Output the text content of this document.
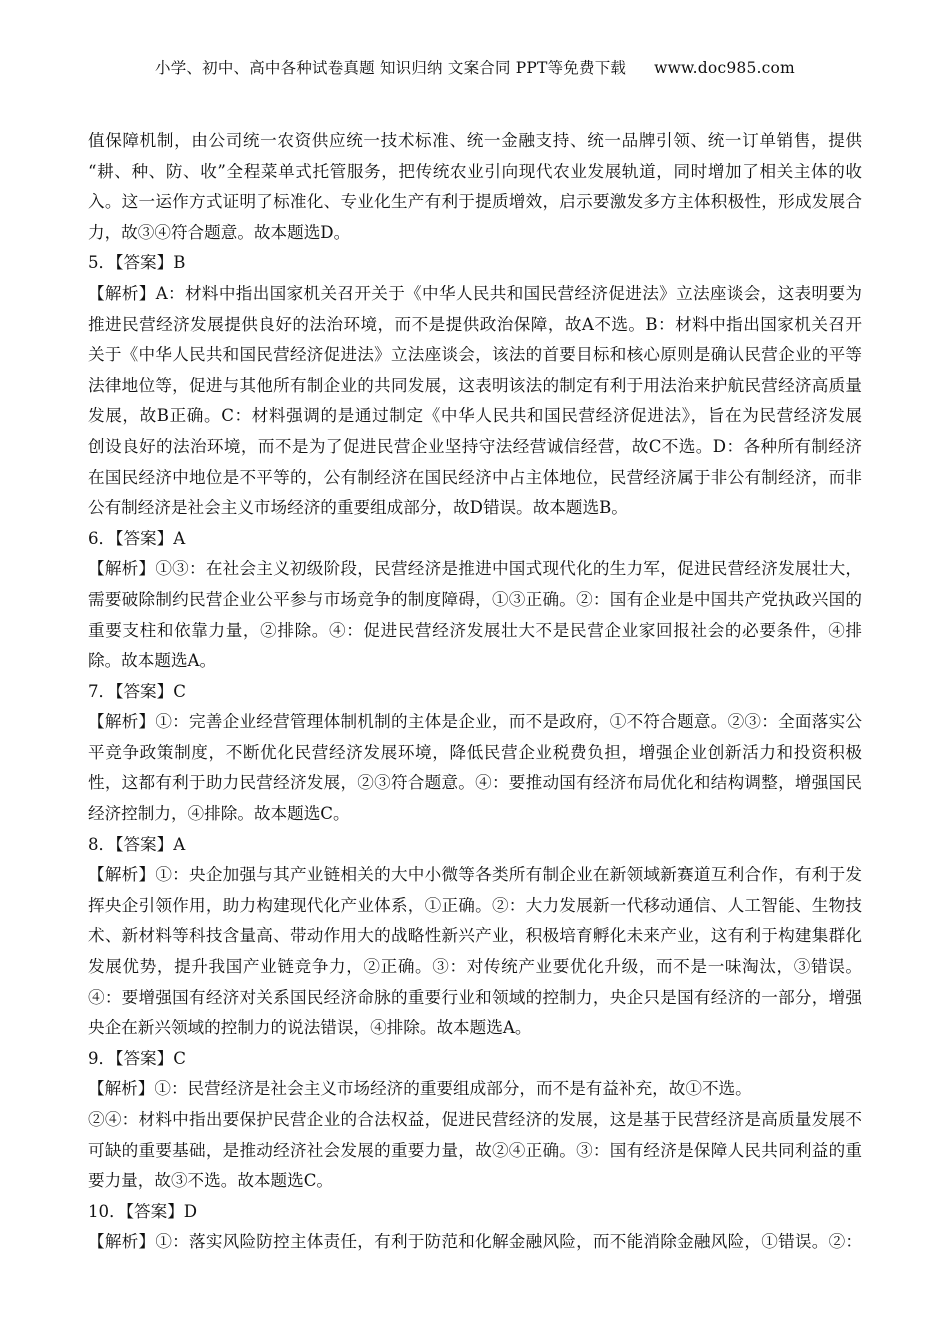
小学、初中、高中各种试卷真题 知识归纳 文案合同 PPT等免费下载 www.doc985.com
值保障机制，由公司统一农资供应统一技术标准、统一金融支持、统一品牌引领、统一订单销售，提供
“耕、种、防、收”全程菜单式托管服务，把传统农业引向现代农业发展轨道，同时增加了相关主体的收
入。这一运作方式证明了标准化、专业化生产有利于提质增效，启示要激发多方主体积极性，形成发展合
力，故③④符合题意。故本题选D。
5．【答案】B
【解析】A：材料中指出国家机关召开关于《中华人民共和国民营经济促进法》立法座谈会，这表明要为
推进民营经济发展提供良好的法治环境，而不是提供政治保障，故A不选。B：材料中指出国家机关召开
关于《中华人民共和国民营经济促进法》立法座谈会，该法的首要目标和核心原则是确认民营企业的平等
法律地位等，促进与其他所有制企业的共同发展，这表明该法的制定有利于用法治来护航民营经济高质量
发展，故B正确。C：材料强调的是通过制定《中华人民共和国民营经济促进法》，旨在为民营经济发展
创设良好的法治环境，而不是为了促进民营企业坚持守法经营诚信经营，故C不选。D：各种所有制经济
在国民经济中地位是不平等的，公有制经济在国民经济中占主体地位，民营经济属于非公有制经济，而非
公有制经济是社会主义市场经济的重要组成部分，故D错误。故本题选B。
6．【答案】A
【解析】①③：在社会主义初级阶段，民营经济是推进中国式现代化的生力军，促进民营经济发展壮大，
需要破除制约民营企业公平参与市场竞争的制度障碍，①③正确。②：国有企业是中国共产党执政兴国的
重要支柱和依靠力量，②排除。④：促进民营经济发展壮大不是民营企业家回报社会的必要条件，④排
除。故本题选A。
7．【答案】C
【解析】①：完善企业经营管理体制机制的主体是企业，而不是政府，①不符合题意。②③：全面落实公
平竞争政策制度，不断优化民营经济发展环境，降低民营企业税费负担，增强企业创新活力和投资积极
性，这都有利于助力民营经济发展，②③符合题意。④：要推动国有经济布局优化和结构调整，增强国民
经济控制力，④排除。故本题选C。
8．【答案】A
【解析】①：央企加强与其产业链相关的大中小微等各类所有制企业在新领域新赛道互利合作，有利于发
挥央企引领作用，助力构建现代化产业体系，①正确。②：大力发展新一代移动通信、人工智能、生物技
术、新材料等科技含量高、带动作用大的战略性新兴产业，积极培育孵化未来产业，这有利于构建集群化
发展优势，提升我国产业链竞争力，②正确。③：对传统产业要优化升级，而不是一味淘汰，③错误。
④：要增强国有经济对关系国民经济命脉的重要行业和领域的控制力，央企只是国有经济的一部分，增强
央企在新兴领域的控制力的说法错误，④排除。故本题选A。
9．【答案】C
【解析】①：民营经济是社会主义市场经济的重要组成部分，而不是有益补充，故①不选。
②④：材料中指出要保护民营企业的合法权益，促进民营经济的发展，这是基于民营经济是高质量发展不
可缺的重要基础，是推动经济社会发展的重要力量，故②④正确。③：国有经济是保障人民共同利益的重
要力量，故③不选。故本题选C。
10．【答案】D
【解析】①：落实风险防控主体责任，有利于防范和化解金融风险，而不能消除金融风险，①错误。②：
